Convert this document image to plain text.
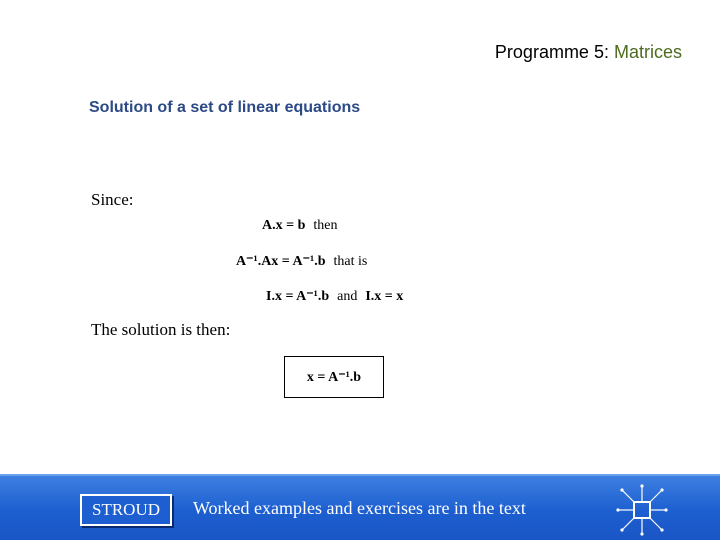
Programme 5: Matrices
Solution of a set of linear equations
Since:
A.x = b then
A⁻¹.Ax = A⁻¹.b that is
I.x = A⁻¹.b and I.x = x
The solution is then:
x = A⁻¹.b
STROUD	Worked examples and exercises are in the text
